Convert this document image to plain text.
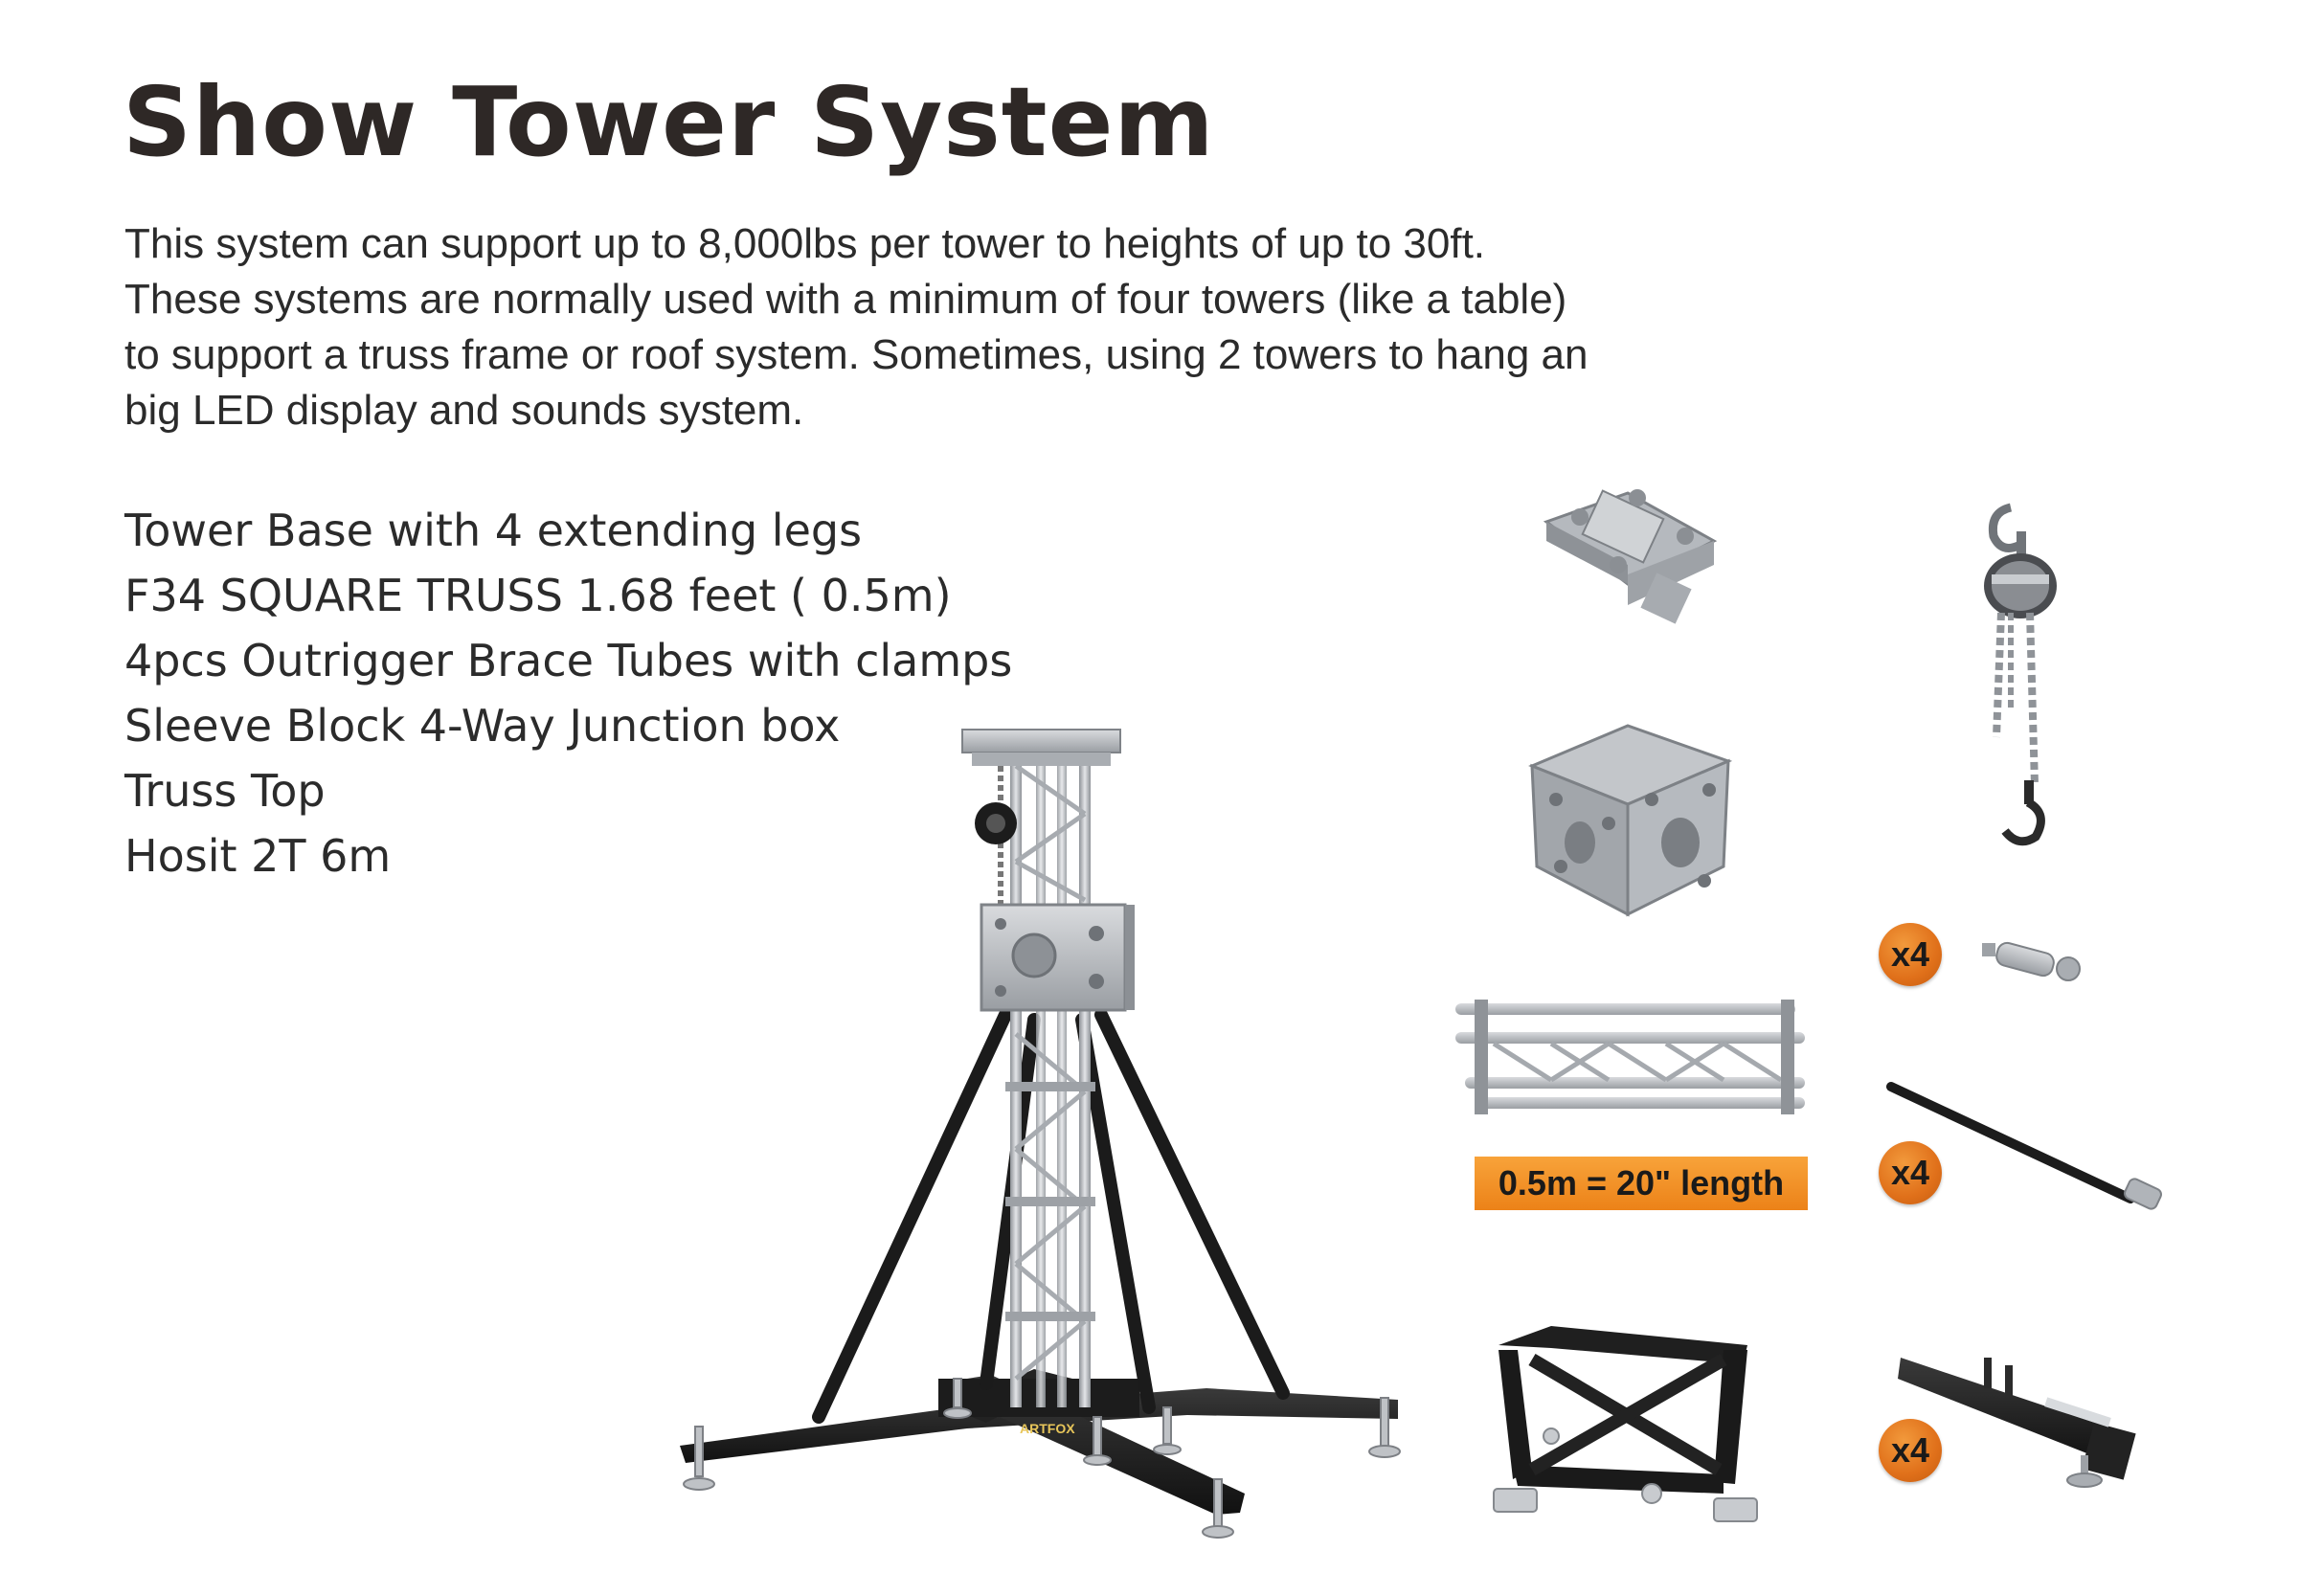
Show Tower System

This system can support up to 8,000lbs per tower to heights of up to 30ft.
These systems are normally used with a minimum of four towers (like a table)
to support a truss frame or roof system. Sometimes, using 2 towers to hang an
big LED display and sounds system.

Tower Base with 4 extending legs
F34 SQUARE TRUSS 1.68 feet ( 0.5m)
4pcs Outrigger Brace Tubes with clamps
Sleeve Block 4-Way Junction box
Truss Top
Hosit 2T 6m
ARTFOX
0.5m = 20" length
x4
x4
x4
